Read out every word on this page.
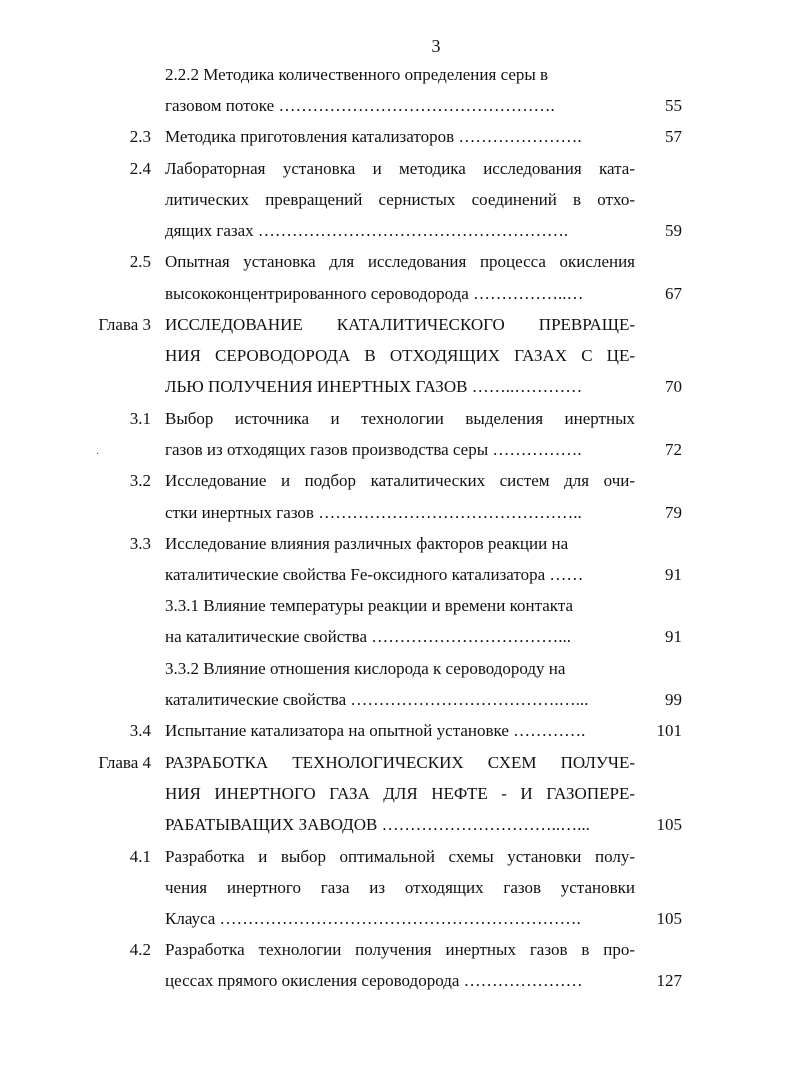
3
2.2.2 Методика количественного определения серы в
газовом потоке ………………………………………….	55
2.3 Методика приготовления катализаторов ………………….	57
2.4 Лабораторная установка и методика исследования ката-
литических превращений сернистых соединений в отхо-
дящих газах ……………………………………………….	59
2.5 Опытная установка для исследования процесса окисления
высококонцентрированного сероводорода ……………..…	67
Глава 3 ИССЛЕДОВАНИЕ КАТАЛИТИЧЕСКОГО ПРЕВРАЩЕ-
НИЯ СЕРОВОДОРОДА В ОТХОДЯЩИХ ГАЗАХ С ЦЕ-
ЛЬЮ ПОЛУЧЕНИЯ ИНЕРТНЫХ ГАЗОВ ……..…………	70
3.1 Выбор источника и технологии выделения инертных
газов из отходящих газов производства серы …………….	72
3.2 Исследование и подбор каталитических систем для очи-
стки инертных газов ………………………………………..	79
3.3 Исследование влияния различных факторов реакции на
каталитические свойства Fe-оксидного катализатора ……	91
3.3.1 Влияние температуры реакции и времени контакта
на каталитические свойства ……………………………...	91
3.3.2 Влияние отношения кислорода к сероводороду на
каталитические свойства ……………………………….…...	99
3.4 Испытание катализатора на опытной установке ………….	101
Глава 4 РАЗРАБОТКА ТЕХНОЛОГИЧЕСКИХ СХЕМ ПОЛУЧЕ-
НИЯ ИНЕРТНОГО ГАЗА ДЛЯ НЕФТЕ - И ГАЗОПЕРЕ-
РАБАТЫВАЩИХ ЗАВОДОВ …………………………..…...	105
4.1 Разработка и выбор оптимальной схемы установки полу-
чения инертного газа из отходящих газов установки
Клауса ……………………………………………………….	105
4.2 Разработка технологии получения инертных газов в про-
цессах прямого окисления сероводорода …………………	127
·
